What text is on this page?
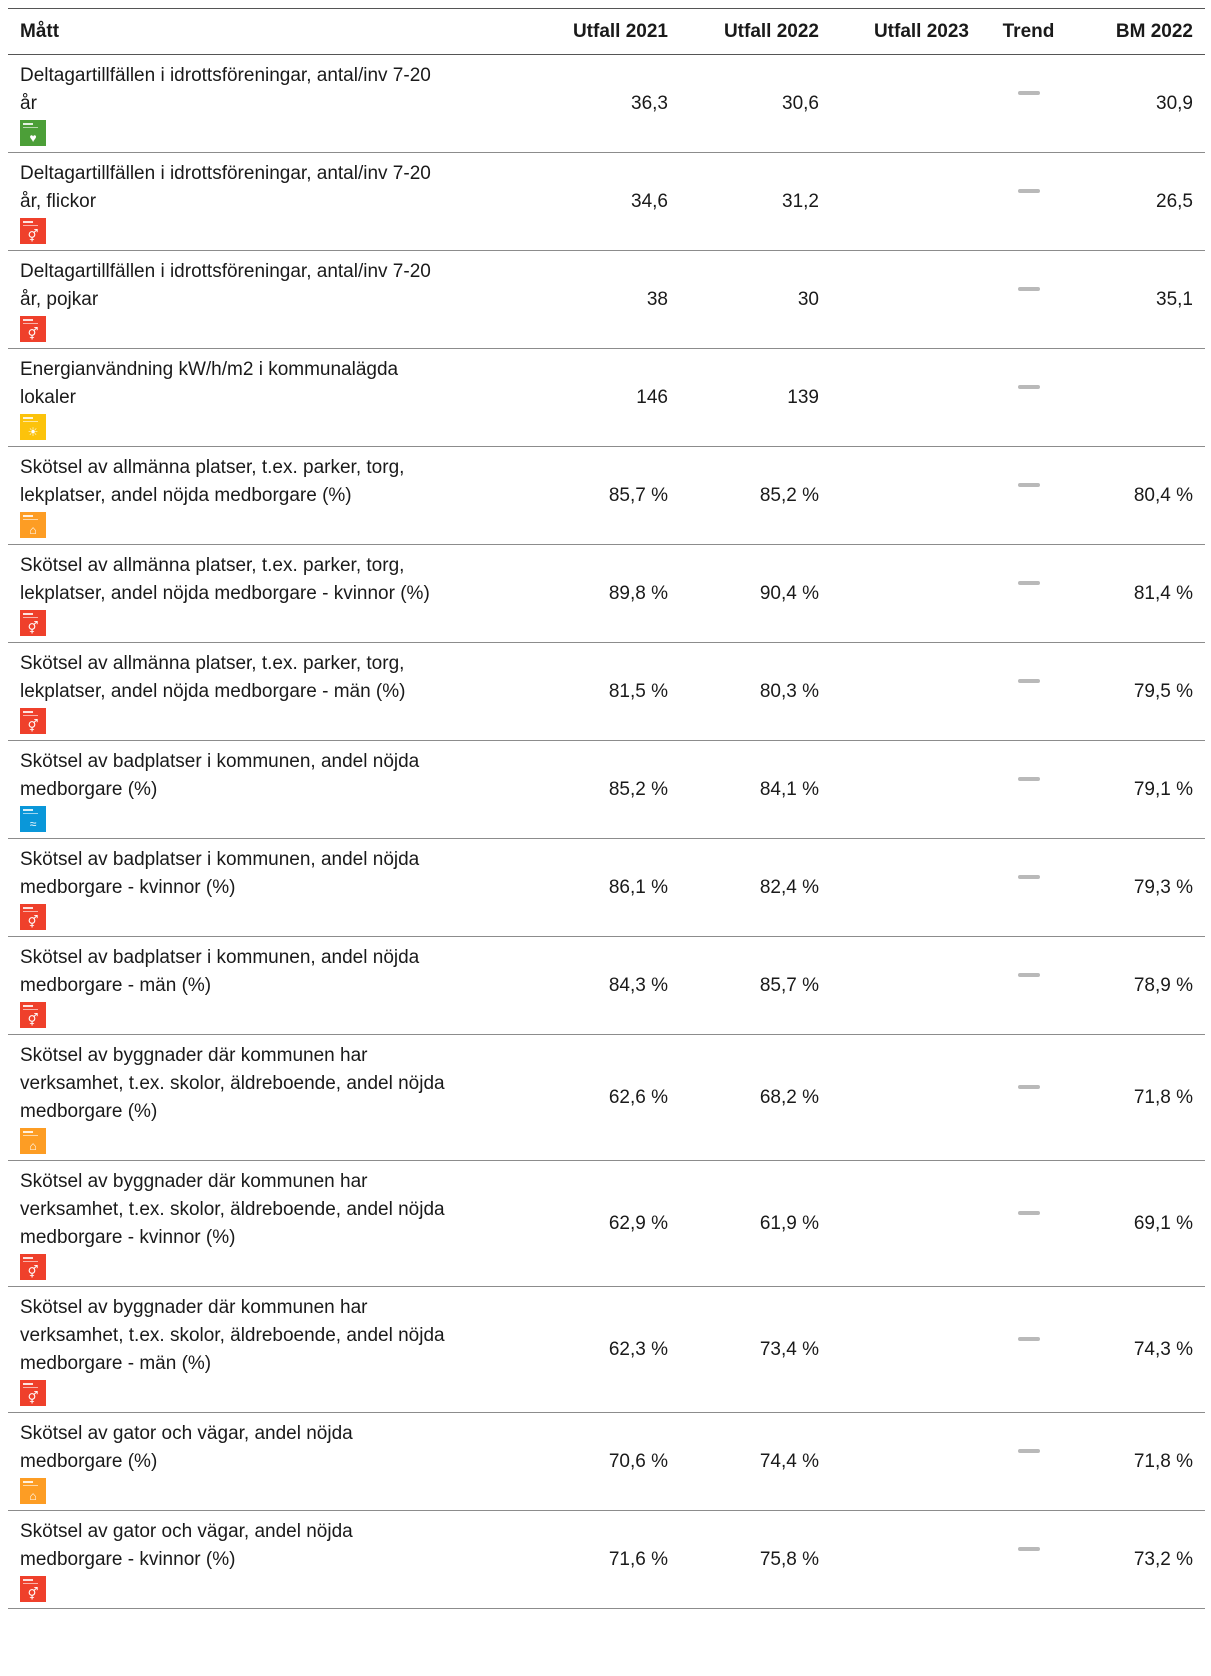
Mått	Utfall 2021	Utfall 2022	Utfall 2023	Trend	BM 2022

Deltagartillfällen i idrottsföreningar, antal/inv 7-20
år
♥	36,3	30,6			30,9

Deltagartillfällen i idrottsföreningar, antal/inv 7-20
år, flickor
⚥	34,6	31,2			26,5

Deltagartillfällen i idrottsföreningar, antal/inv 7-20
år, pojkar
⚥	38	30			35,1

Energianvändning kW/h/m2 i kommunalägda
lokaler
☀	146	139			

Skötsel av allmänna platser, t.ex. parker, torg,
lekplatser, andel nöjda medborgare (%)
⌂	85,7 %	85,2 %			80,4 %

Skötsel av allmänna platser, t.ex. parker, torg,
lekplatser, andel nöjda medborgare - kvinnor (%)
⚥	89,8 %	90,4 %			81,4 %

Skötsel av allmänna platser, t.ex. parker, torg,
lekplatser, andel nöjda medborgare - män (%)
⚥	81,5 %	80,3 %			79,5 %

Skötsel av badplatser i kommunen, andel nöjda
medborgare (%)
≈	85,2 %	84,1 %			79,1 %

Skötsel av badplatser i kommunen, andel nöjda
medborgare - kvinnor (%)
⚥	86,1 %	82,4 %			79,3 %

Skötsel av badplatser i kommunen, andel nöjda
medborgare - män (%)
⚥	84,3 %	85,7 %			78,9 %

Skötsel av byggnader där kommunen har
verksamhet, t.ex. skolor, äldreboende, andel nöjda
medborgare (%)
⌂	62,6 %	68,2 %			71,8 %

Skötsel av byggnader där kommunen har
verksamhet, t.ex. skolor, äldreboende, andel nöjda
medborgare - kvinnor (%)
⚥	62,9 %	61,9 %			69,1 %

Skötsel av byggnader där kommunen har
verksamhet, t.ex. skolor, äldreboende, andel nöjda
medborgare - män (%)
⚥	62,3 %	73,4 %			74,3 %

Skötsel av gator och vägar, andel nöjda
medborgare (%)
⌂	70,6 %	74,4 %			71,8 %

Skötsel av gator och vägar, andel nöjda
medborgare - kvinnor (%)
⚥	71,6 %	75,8 %			73,2 %
